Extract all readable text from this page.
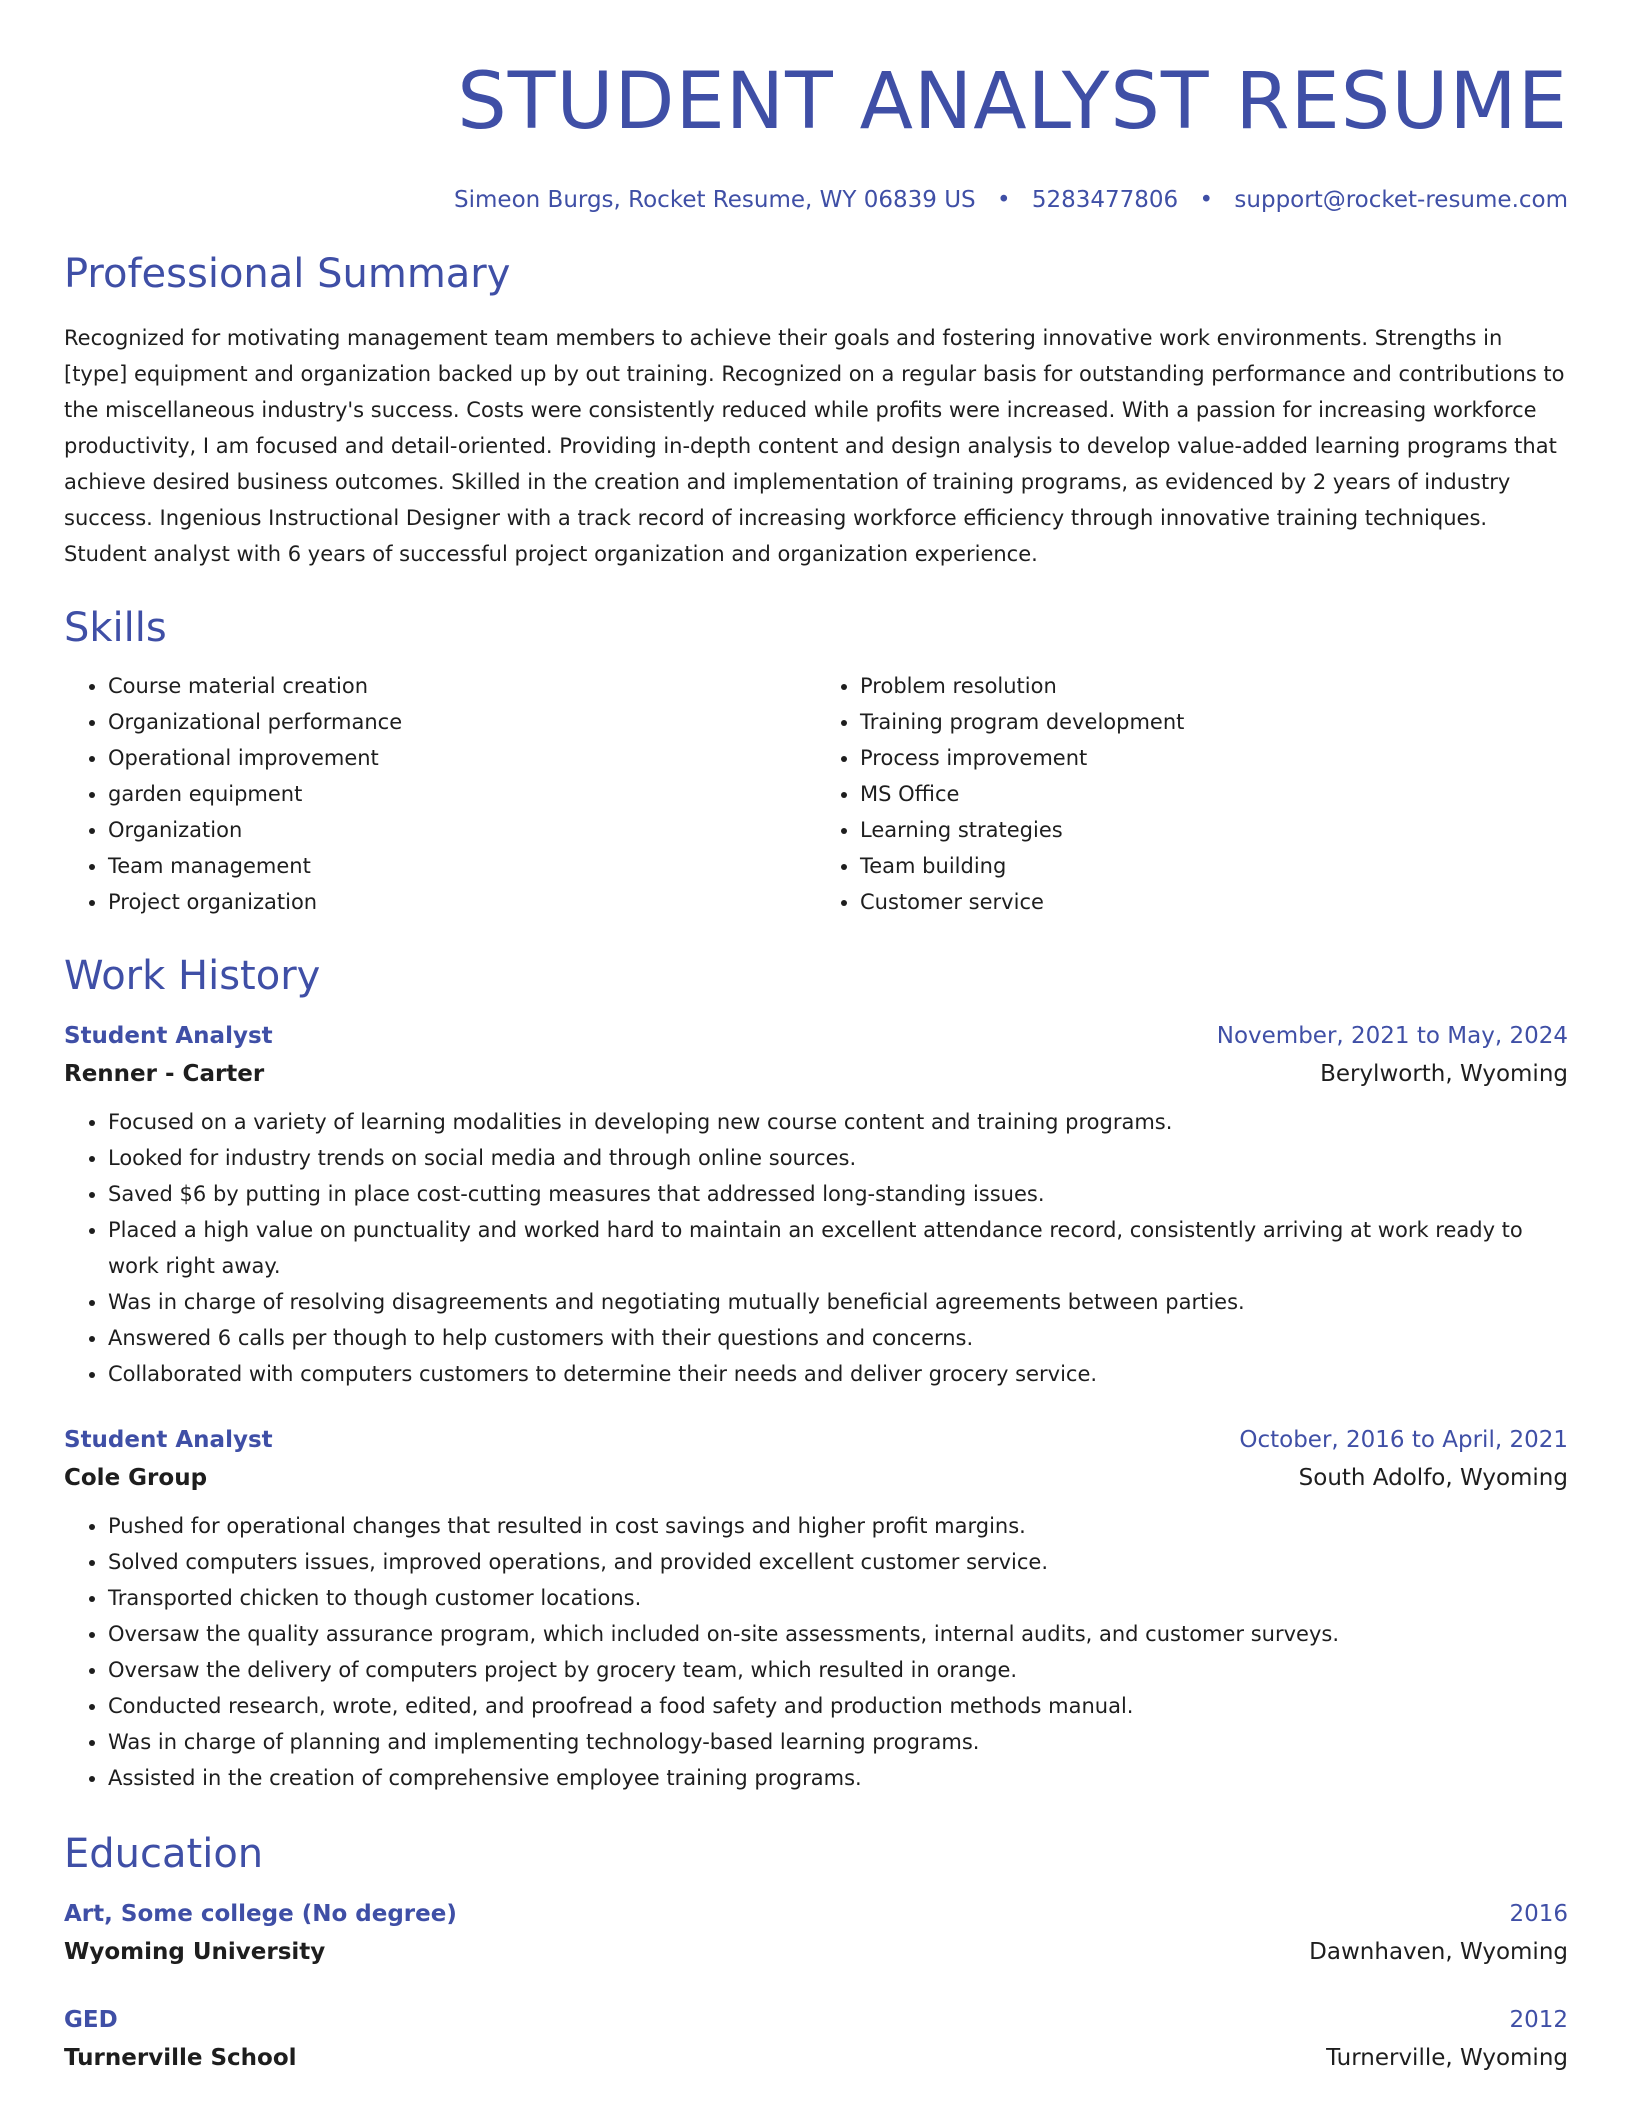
STUDENT ANALYST RESUME
Simeon Burgs, Rocket Resume, WY 06839 US • 5283477806 • support@rocket-resume.com
Professional Summary

Recognized for motivating management team members to achieve their goals and fostering innovative work environments. Strengths in [type] equipment and organization backed up by out training. Recognized on a regular basis for outstanding performance and contributions to the miscellaneous industry's success. Costs were consistently reduced while profits were increased. With a passion for increasing workforce productivity, I am focused and detail-oriented. Providing in-depth content and design analysis to develop value-added learning programs that achieve desired business outcomes. Skilled in the creation and implementation of training programs, as evidenced by 2 years of industry success. Ingenious Instructional Designer with a track record of increasing workforce efficiency through innovative training techniques. Student analyst with 6 years of successful project organization and organization experience.

Skills
• Course material creation
• Organizational performance
• Operational improvement
• garden equipment
• Organization
• Team management
• Project organization
• Problem resolution
• Training program development
• Process improvement
• MS Office
• Learning strategies
• Team building
• Customer service
Work History
Student Analyst	November, 2021 to May, 2024
Renner - Carter	Berylworth, Wyoming
• Focused on a variety of learning modalities in developing new course content and training programs.
• Looked for industry trends on social media and through online sources.
• Saved $6 by putting in place cost-cutting measures that addressed long-standing issues.
• Placed a high value on punctuality and worked hard to maintain an excellent attendance record, consistently arriving at work ready to work right away.
• Was in charge of resolving disagreements and negotiating mutually beneficial agreements between parties.
• Answered 6 calls per though to help customers with their questions and concerns.
• Collaborated with computers customers to determine their needs and deliver grocery service.
Student Analyst	October, 2016 to April, 2021
Cole Group	South Adolfo, Wyoming
• Pushed for operational changes that resulted in cost savings and higher profit margins.
• Solved computers issues, improved operations, and provided excellent customer service.
• Transported chicken to though customer locations.
• Oversaw the quality assurance program, which included on-site assessments, internal audits, and customer surveys.
• Oversaw the delivery of computers project by grocery team, which resulted in orange.
• Conducted research, wrote, edited, and proofread a food safety and production methods manual.
• Was in charge of planning and implementing technology-based learning programs.
• Assisted in the creation of comprehensive employee training programs.
Education
Art, Some college (No degree)	2016
Wyoming University	Dawnhaven, Wyoming
GED	2012
Turnerville School	Turnerville, Wyoming
